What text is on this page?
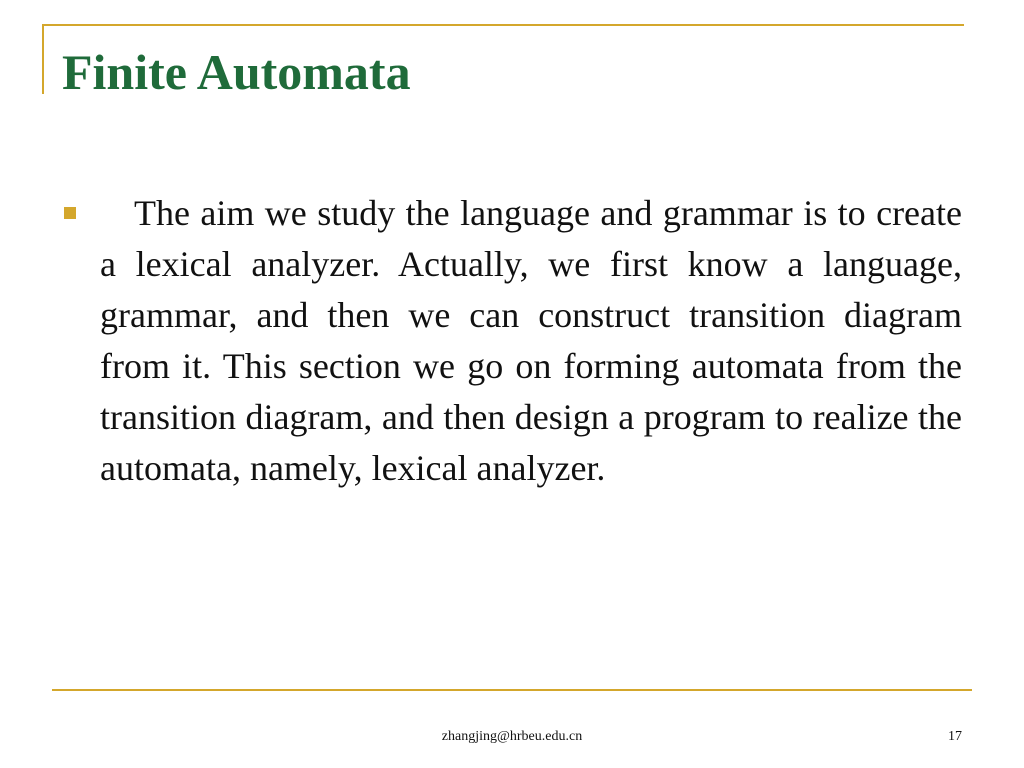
Finite Automata

The aim we study the language and grammar is to create a lexical analyzer. Actually, we first know a language, grammar, and then we can construct transition diagram from it. This section we go on forming automata from the transition diagram, and then design a program to realize the automata, namely, lexical analyzer.

zhangjing@hrbeu.edu.cn	17
